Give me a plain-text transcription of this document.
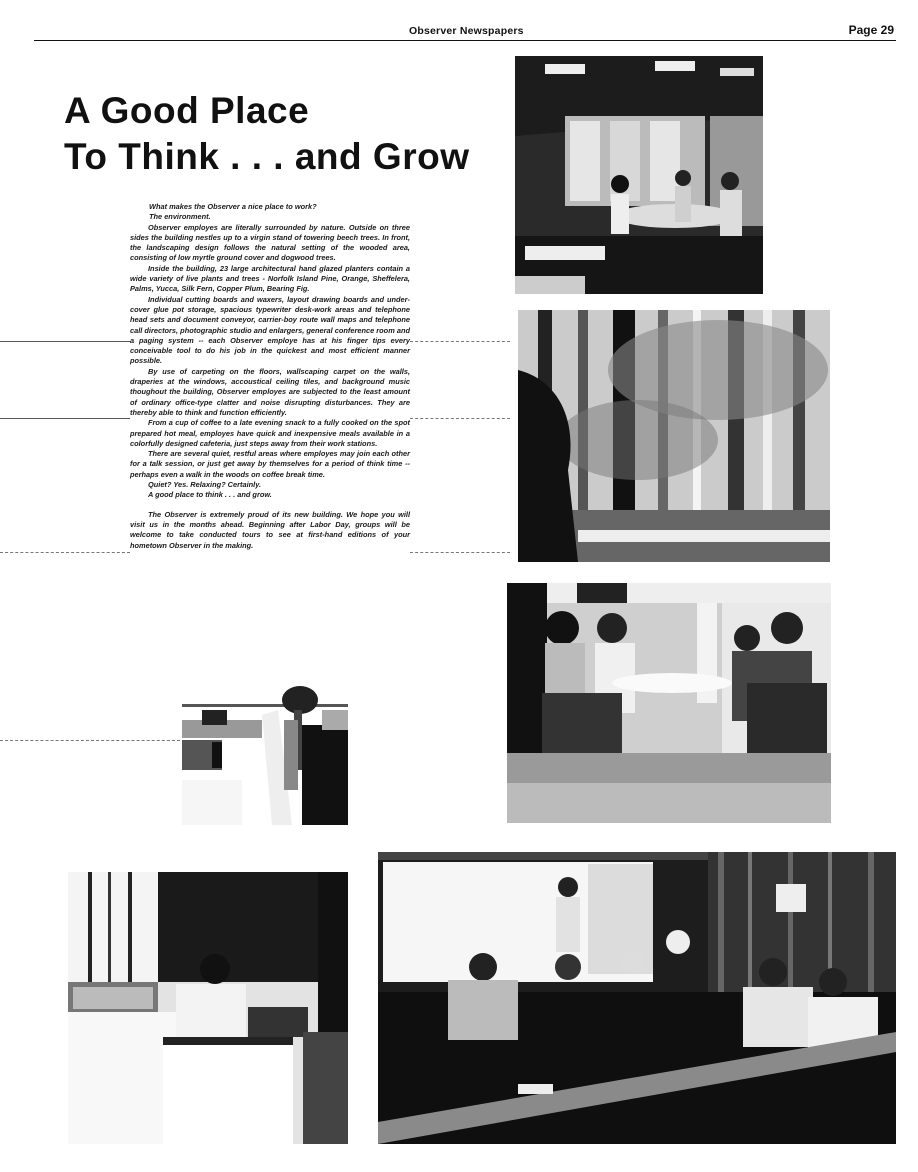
Observer Newspapers	Page 29
A Good Place
To Think . . . and Grow

What makes the Observer a nice place to work?

The environment.

Observer employes are literally surrounded by nature. Outside on three sides the building nestles up to a virgin stand of towering beech trees. In front, the landscaping design follows the natural setting of the wooded area, consisting of low myrtle ground cover and dogwood trees.

Inside the building, 23 large architectural hand glazed planters contain a wide variety of live plants and trees - Norfolk Island Pine, Orange, Sheffelera, Palms, Yucca, Silk Fern, Copper Plum, Bearing Fig.

Individual cutting boards and waxers, layout drawing boards and under-cover glue pot storage, spacious typewriter desk-work areas and telephone head sets and document conveyor, carrier-boy route wall maps and telephone call directors, photographic studio and enlargers, general conference room and a paging system -- each Observer employe has at his finger tips every conceivable tool to do his job in the quickest and most efficient manner possible.

By use of carpeting on the floors, wallscaping carpet on the walls, draperies at the windows, accoustical ceiling tiles, and background music thoughout the building, Observer employes are subjected to the least amount of ordinary office-type clatter and noise disrupting disturbances. They are thereby able to think and function efficiently.

From a cup of coffee to a late evening snack to a fully cooked on the spot prepared hot meal, employes have quick and inexpensive meals available in a colorfully designed cafeteria, just steps away from their work stations.

There are several quiet, restful areas where employes may join each other for a talk session, or just get away by themselves for a period of think time -- perhaps even a walk in the woods on coffee break time.

Quiet? Yes. Relaxing? Certainly.

A good place to think . . . and grow.

The Observer is extremely proud of its new building. We hope you will visit us in the months ahead. Beginning after Labor Day, groups will be welcome to take conducted tours to see at first-hand editions of your hometown Observer in the making.
